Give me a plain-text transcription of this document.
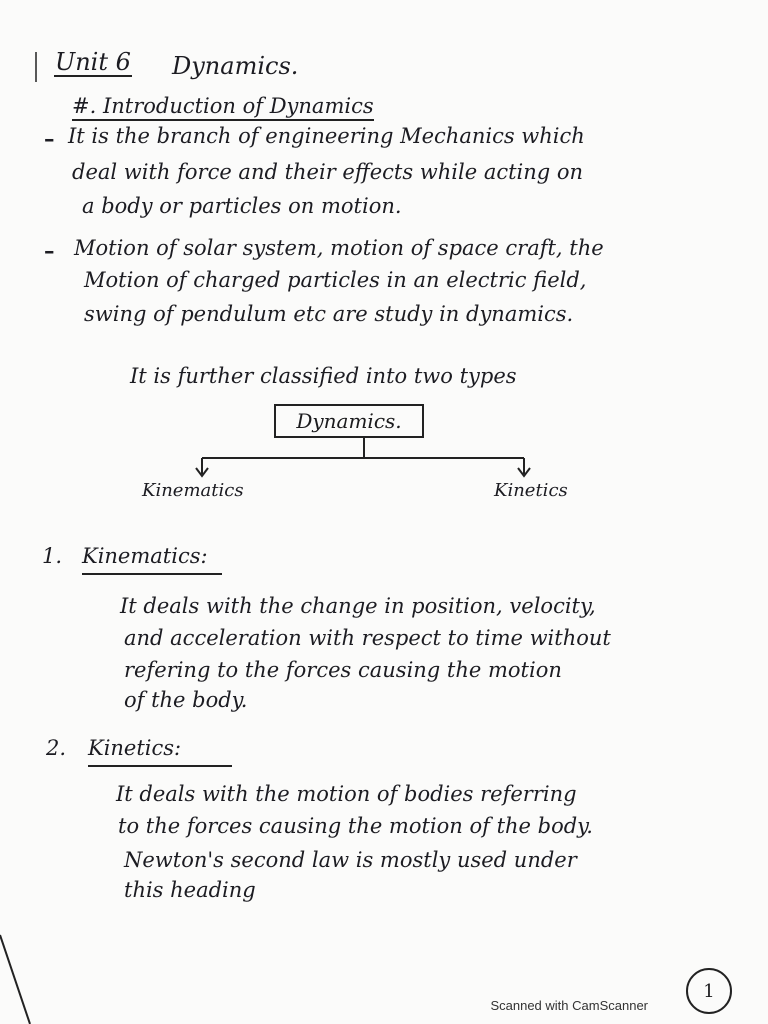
Unit 6 Dynamics.
#. Introduction of Dynamics
– It is the branch of engineering Mechanics which
deal with force and their effects while acting on
a body or particles on motion.
– Motion of solar system, motion of space craft, the
Motion of charged particles in an electric field,
swing of pendulum etc are study in dynamics.
It is further classified into two types
Dynamics.
Kinematics	Kinetics
1. Kinematics:
It deals with the change in position, velocity,
and acceleration with respect to time without
refering to the forces causing the motion
of the body.
2. Kinetics:
It deals with the motion of bodies referring
to the forces causing the motion of the body.
Newton's second law is mostly used under
this heading
1
Scanned with CamScanner
